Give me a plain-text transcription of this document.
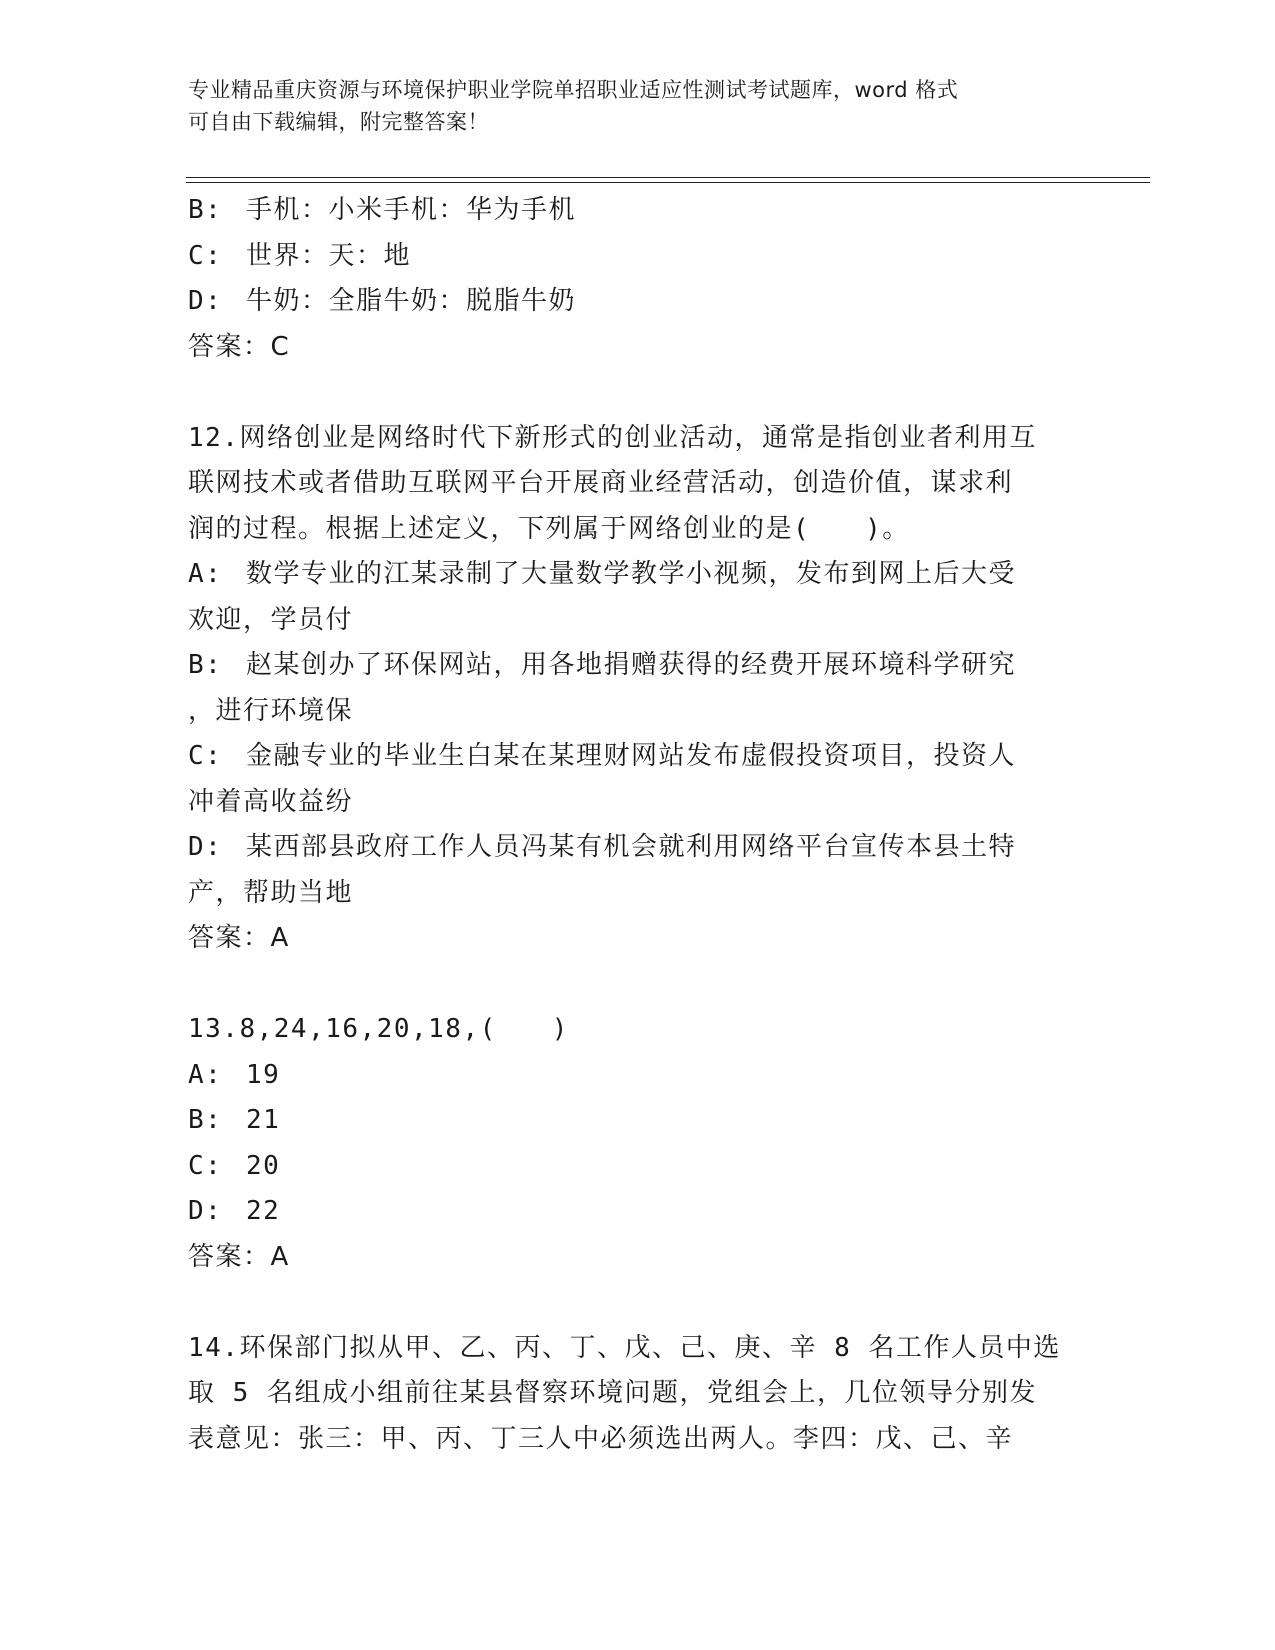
专业精品重庆资源与环境保护职业学院单招职业适应性测试考试题库，word 格式
可自由下载编辑，附完整答案！
B: 手机：小米手机：华为手机
C: 世界：天：地
D: 牛奶：全脂牛奶：脱脂牛奶
答案：C
12.网络创业是网络时代下新形式的创业活动，通常是指创业者利用互
联网技术或者借助互联网平台开展商业经营活动，创造价值，谋求利
润的过程。根据上述定义，下列属于网络创业的是(　　)。
A: 数学专业的江某录制了大量数学教学小视频，发布到网上后大受
欢迎，学员付
B: 赵某创办了环保网站，用各地捐赠获得的经费开展环境科学研究
，进行环境保
C: 金融专业的毕业生白某在某理财网站发布虚假投资项目，投资人
冲着高收益纷
D: 某西部县政府工作人员冯某有机会就利用网络平台宣传本县土特
产，帮助当地
答案：A
13.8,24,16,20,18,(　　)
A: 19
B: 21
C: 20
D: 22
答案：A
14.环保部门拟从甲、乙、丙、丁、戊、己、庚、辛 8 名工作人员中选
取 5 名组成小组前往某县督察环境问题，党组会上，几位领导分别发
表意见：张三：甲、丙、丁三人中必须选出两人。李四：戊、己、辛
